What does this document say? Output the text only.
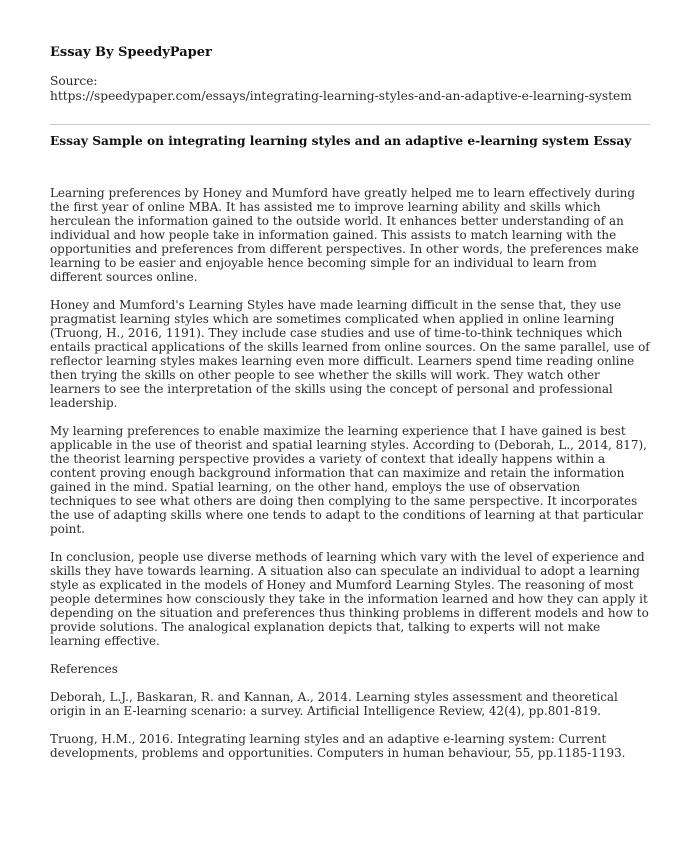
Essay By SpeedyPaper
Source:
https://speedypaper.com/essays/integrating-learning-styles-and-an-adaptive-e-learning-system
Essay Sample on integrating learning styles and an adaptive e-learning system Essay

Learning preferences by Honey and Mumford have greatly helped me to learn effectively during the first year of online MBA. It has assisted me to improve learning ability and skills which herculean the information gained to the outside world. It enhances better understanding of an individual and how people take in information gained. This assists to match learning with the opportunities and preferences from different perspectives. In other words, the preferences make learning to be easier and enjoyable hence becoming simple for an individual to learn from different sources online.

Honey and Mumford's Learning Styles have made learning difficult in the sense that, they use pragmatist learning styles which are sometimes complicated when applied in online learning (Truong, H., 2016, 1191). They include case studies and use of time-to-think techniques which entails practical applications of the skills learned from online sources. On the same parallel, use of reflector learning styles makes learning even more difficult. Learners spend time reading online then trying the skills on other people to see whether the skills will work. They watch other learners to see the interpretation of the skills using the concept of personal and professional leadership.

My learning preferences to enable maximize the learning experience that I have gained is best applicable in the use of theorist and spatial learning styles. According to (Deborah, L., 2014, 817), the theorist learning perspective provides a variety of context that ideally happens within a content proving enough background information that can maximize and retain the information gained in the mind. Spatial learning, on the other hand, employs the use of observation techniques to see what others are doing then complying to the same perspective. It incorporates the use of adapting skills where one tends to adapt to the conditions of learning at that particular point.

In conclusion, people use diverse methods of learning which vary with the level of experience and skills they have towards learning. A situation also can speculate an individual to adopt a learning style as explicated in the models of Honey and Mumford Learning Styles. The reasoning of most people determines how consciously they take in the information learned and how they can apply it depending on the situation and preferences thus thinking problems in different models and how to provide solutions. The analogical explanation depicts that, talking to experts will not make learning effective.

References

Deborah, L.J., Baskaran, R. and Kannan, A., 2014. Learning styles assessment and theoretical origin in an E-learning scenario: a survey. Artificial Intelligence Review, 42(4), pp.801-819.

Truong, H.M., 2016. Integrating learning styles and an adaptive e-learning system: Current developments, problems and opportunities. Computers in human behaviour, 55, pp.1185-1193.
